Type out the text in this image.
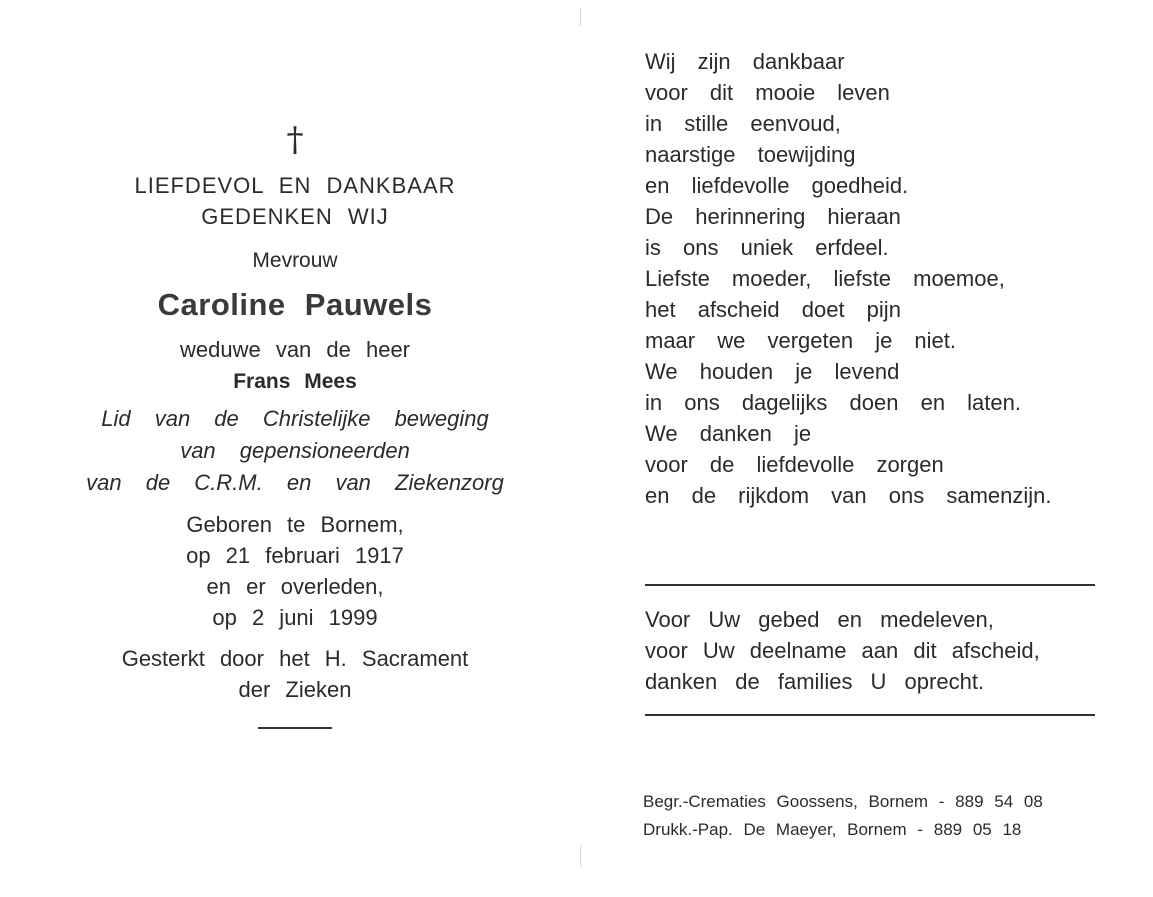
†
LIEFDEVOL EN DANKBAAR
GEDENKEN WIJ
Mevrouw
Caroline Pauwels
weduwe van de heer
Frans Mees
Lid van de Christelijke beweging
van gepensioneerden
van de C.R.M. en van Ziekenzorg
Geboren te Bornem,
op 21 februari 1917
en er overleden,
op 2 juni 1999
Gesterkt door het H. Sacrament
der Zieken
Wij zijn dankbaar
voor dit mooie leven
in stille eenvoud,
naarstige toewijding
en liefdevolle goedheid.
De herinnering hieraan
is ons uniek erfdeel.
Liefste moeder, liefste moemoe,
het afscheid doet pijn
maar we vergeten je niet.
We houden je levend
in ons dagelijks doen en laten.
We danken je
voor de liefdevolle zorgen
en de rijkdom van ons samenzijn.
Voor Uw gebed en medeleven,
voor Uw deelname aan dit afscheid,
danken de families U oprecht.
Begr.-Crematies Goossens, Bornem - 889 54 08
Drukk.-Pap. De Maeyer, Bornem - 889 05 18
